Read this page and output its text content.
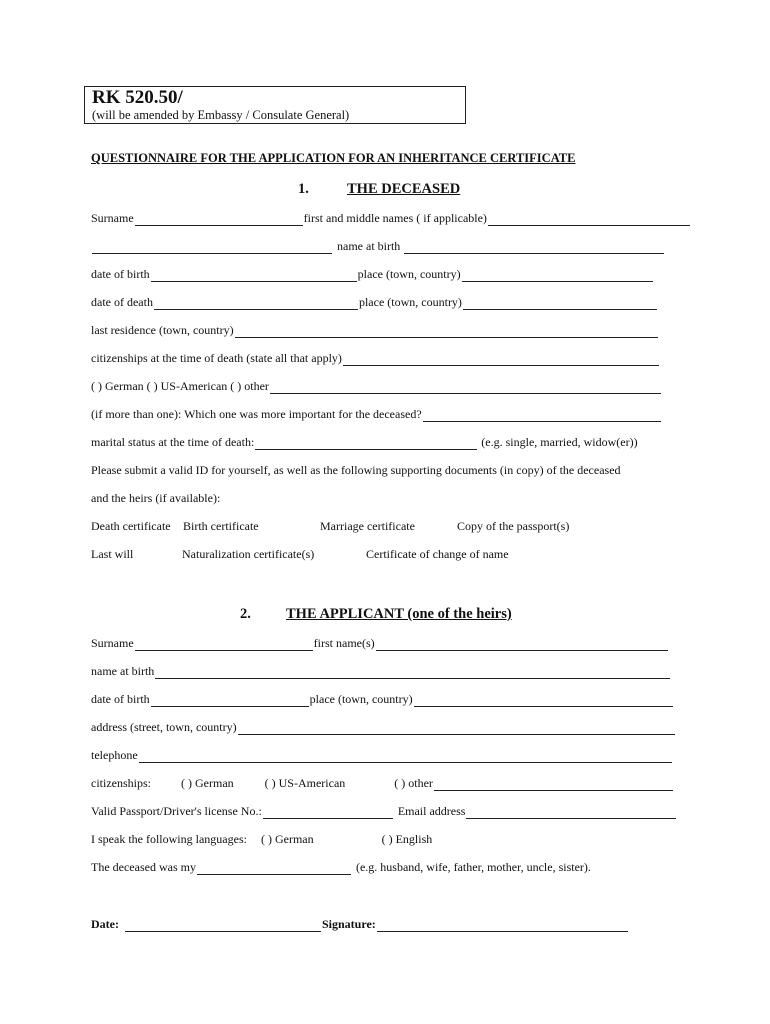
RK 520.50/
(will be amended by Embassy / Consulate General)
QUESTIONNAIRE FOR THE APPLICATION FOR AN INHERITANCE CERTIFICATE
1.	THE DECEASED
Surname	first and middle names ( if applicable)
name at birth
date of birth	place (town, country)
date of death	place (town, country)
last residence (town, country)
citizenships at the time of death (state all that apply)
( ) German ( ) US-American ( ) other
(if more than one): Which one was more important for the deceased?
marital status at the time of death:	(e.g. single, married, widow(er))
Please submit a valid ID for yourself, as well as the following supporting documents (in copy) of the deceased
and the heirs (if available):
Death certificate Birth certificate	Marriage certificate	Copy of the passport(s)
Last will	Naturalization certificate(s)	Certificate of change of name
2. THE APPLICANT (one of the heirs)
Surname	first name(s)
name at birth
date of birth	place (town, country)
address (street, town, country)
telephone
citizenships:	( ) German	( ) US-American	( ) other
Valid Passport/Driver's license No.:	Email address
I speak the following languages: ( ) German	( ) English
The deceased was my	(e.g. husband, wife, father, mother, uncle, sister).
Date:	Signature:
